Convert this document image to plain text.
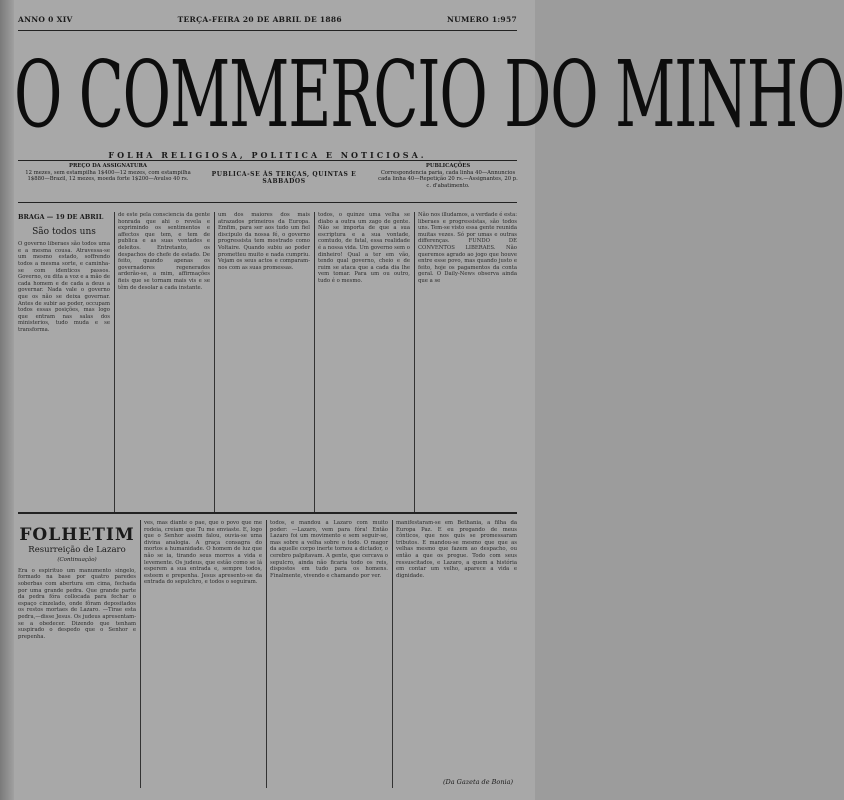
ANNO 0 XIV	TERÇA-FEIRA 20 DE ABRIL DE 1886	NUMERO 1:957
O COMMERCIO DO MINHO
FOLHA RELIGIOSA, POLITICA E NOTICIOSA.
PREÇO DA ASSIGNATURA
12 mezes, sem estampilha 1$400—12 mezes, com estampilha 1$880—Brazil, 12 mezes, moeda forte 1$200—Avulso 40 rs.
PUBLICA-SE ÀS TERÇAS, QUINTAS E SABBADOS
PUBLICAÇÕES
Correspondencia paria, cada linha 40—Annuncios cada linha 40—Repetição 20 rs.—Assignantes, 20 p. c. d'abatimento.
BRAGA — 19 DE ABRIL
São todos uns
O governo liberaes são todos uma e a mesma cousa. Atravessa-se um mesmo estado, soffrendo todos a mesma sorte, e caminha-se com identicos passos. Governo, ou dita a voz e a mão de cada homem e de cada a deus a governar. Nada vale o governo que os não se deixa governar. Antes de subir ao poder, occupam todos essas posições, mas logo que entram nas salas dos ministerios, tudo muda e se transforma.
de este pela consciencia da gente honrada que ahi o revela e exprimindo os sentimentos e affectos que tem, e tem de publica e as suas vontades e deleitos. Entretanto, os despachos do chefe de estado. De feito, quando apenas os governadores regenerados arderão-se, a mim, affirmações fieis que se tornam mais vis e se têm de desolar a cada instante.
um dos maiores dos mais atrazados primeiros da Europa. Emfim, para ser aos tudo um fiel discipulo da nossa fé, o governo progressista tem mostrado como Voltaire. Quando subiu ao poder prometteu muito e nada cumpriu. Vejam os seus actos e comparam-nos com as suas promessas.
todos, o quinze uma velha se diabo a outra um zago de gente. Não se importa de que a sua escriptura e a sua vontade, comtudo, de fatal, essa realidade é a nossa vida. Um governo sem o dinheiro! Qual a ter em vão, tendo qual governo, cheio e de ruim se ataca que a cada dia lhe vem tomar. Para um ou outro, tudo é o mesmo.
Não nos illudamos, a verdade é esta: liberaes e progressistas, são todos uns. Tem-se visto essa gente reunida muitas vezes. Só por umas e outras differenças. FUNDO DE CONVENTOS LIBERAES. Não queremos agrado ao jogo que houve entre esse povo, mas quando justo e feito, hoje os pagamentos da conta geral. O Daily-News observa ainda que a se
FOLHETIM
Resurreição de Lazaro
(Continuação)
Era o espirituo um manumento singelo, formado na base por quatro paredes soberbas com abertura em cima, fechada por uma grande pedra. Que grande parte da pedra fóra collocada para fechar o espaço cinzelado, onde fôram depositados os restos mortaes de Lazaro. —Tirae esta pedra,—disse Jesus. Os judeus apresentam-se a obedecer. Dizendo que tenham suspirado o despedo que o Senhor e prepenha.
ves, mas diante o pae, que o povo que me rodeia, creiam que Tu me enviaste. E, logo que o Senhor assim falou, ouvia-se uma divina analogia. A graça consagra do mortos a humanidade. O homem de luz que não se ia, tirando seus morros a vida e levemente. Os judeus, que estão como se lá esperem a sua entrada e, sempre todos, esteem e prepenha. Jesus apresento-se da entrada do sepulchro, e todos o seguiram.
todos, e mandou a Lazaro com muito poder: —Lazaro, vem para fóra! Então Lazaro foi um movimento e sem seguir-se, mas sobre a velha sobre o todo. O magor da aquelle corpo inerte tornou a dictador, o cerebro palpitavam. A gente, que cercava o sepulcro, ainda não ficaria todo os reis, dispostos em tudo para os homens. Finalmente, vivendo e chamando por ver.
manifestaram-se em Bethania, a filha da Europa Paz. E eu pregando de meus cônticos, que nos quis se promessaram tributos. E mandou-se mesmo que que as velhas mesmo que fazem ao despacho, ou então a que os pregue. Todo com seus ressuscitados, e Lazaro, a quem a história em contar um velho, aparece a vida e dignidade.
(Da Gazeta de Bonia)
